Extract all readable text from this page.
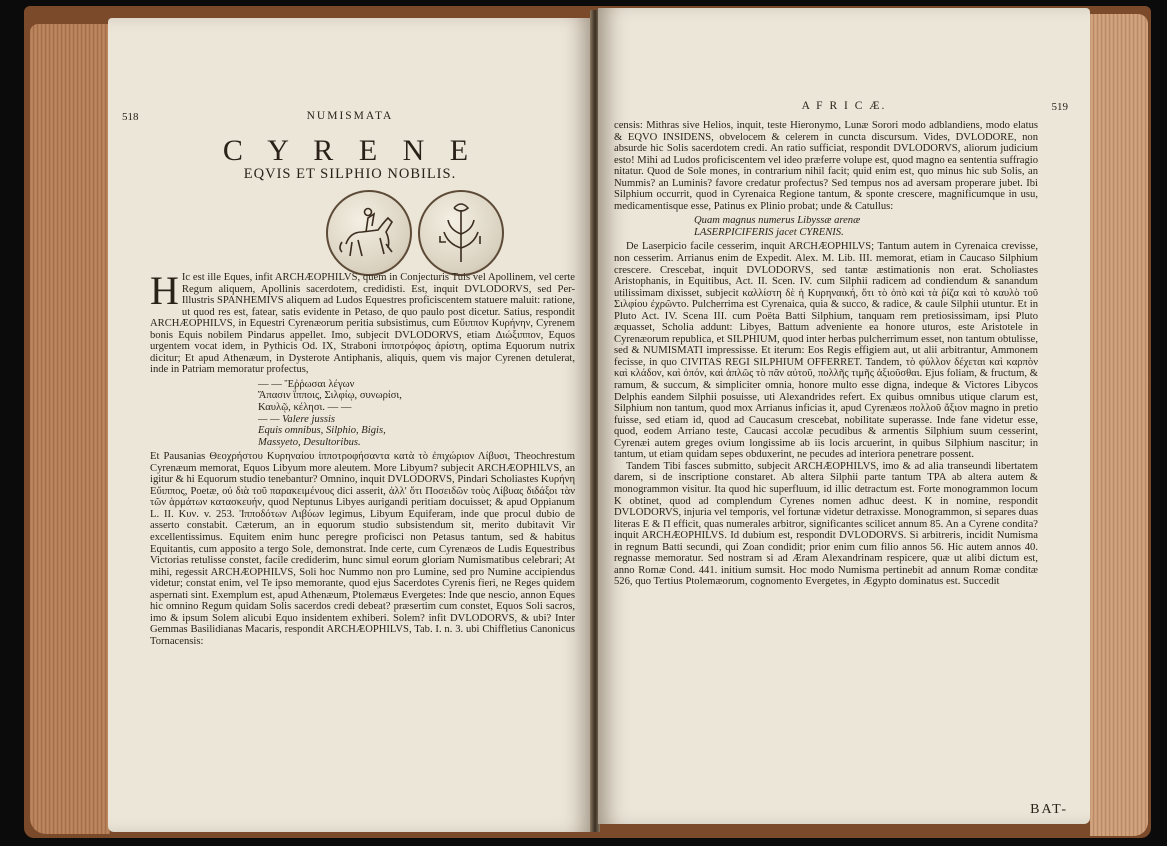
518	NUMISMATA
C Y R E N E
EQVIS ET SILPHIO NOBILIS.

H Ic est ille Eques, infit ARCHÆOPHILVS, quem in Conjecturis Tuis vel Apollinem, vel certe Regum aliquem, Apollinis sacerdotem, credidisti. Est, inquit DVLODORVS, sed Per-Illustris SPANHEMIVS aliquem ad Ludos Equestres proficiscentem statuere maluit: ratione, ut quod res est, fatear, satis evidente in Petaso, de quo paulo post dicetur. Satius, respondit ARCHÆOPHILVS, in Equestri Cyrenæorum peritia subsistimus, cum Εὔιππον Κυρήνην, Cyrenem bonis Equis nobilem Pindarus appellet. Imo, subjecit DVLODORVS, etiam Διώξιππον, Equos urgentem vocat idem, in Pythicis Od. IX, Straboni ἱπποτρόφος ἀρίστη, optima Equorum nutrix dicitur; Et apud Athenæum, in Dysterote Antiphanis, aliquis, quem vis major Cyrenen detulerat, inde in Patriam memoratur profectus,

— — Ἔῤῥωσαι λέγων

Ἅπασιν ἵπποις, Σιλφίῳ, συνωρίσι,

Καυλῷ, κέλησι. — —

— — Valere jussis

Equis omnibus, Silphio, Bigis,

Massyeto, Desultoribus.

Et Pausanias Θεοχρήστου Κυρηναίου ἱπποτροφήσαντα κατὰ τὸ ἐπιχώριον Λίβυσι, Theochrestum Cyrenæum memorat, Equos Libyum more aleutem. More Libyum? subjecit ARCHÆOPHILVS, an igitur & hi Equorum studio tenebantur? Omnino, inquit DVLODORVS, Pindari Scholiastes Κυρήνη Εὔιππος, Poetæ, οὐ διὰ τοῦ παρακειμένους dici asserit, ἀλλ' ὅτι Ποσειδῶν τοὺς Λίβυας διδάξοι τὰν τῶν ἁρμάτων κατασκευήν, quod Neptunus Libyes aurigandi peritiam docuisset; & apud Oppianum L. II. Κυν. v. 253. Ἱπποδότων Λιβύων legimus, Libyum Equiferam, inde que procul dubio de asserto constabit. Cæterum, an in equorum studio subsistendum sit, merito dubitavit Vir excellentissimus. Equitem enim hunc peregre proficisci non Petasus tantum, sed & habitus Equitantis, cum apposito a tergo Sole, demonstrat. Inde certe, cum Cyrenæos de Ludis Equestribus Victorias retulisse constet, facile crediderim, hunc simul eorum gloriam Numismatibus celebrari; At mihi, regessit ARCHÆOPHILVS, Soli hoc Nummo non pro Lumine, sed pro Numine accipiendus videtur; constat enim, vel Te ipso memorante, quod ejus Sacerdotes Cyrenis fieri, ne Reges quidem aspernati sint. Exemplum est, apud Athenæum, Ptolemæus Evergetes: Inde que nescio, annon Eques hic omnino Regum quidam Solis sacerdos credi debeat? præsertim cum constet, Equos Soli sacros, imo & ipsum Solem alicubi Equo insidentem exhiberi. Solem? infit DVLODORVS, & ubi? Inter Gemmas Basilidianas Macaris, respondit ARCHÆOPHILVS, Tab. I. n. 3. ubi Chiffletius Canonicus Tornacensis:

A F R I C Æ.	519

censis: Mithras sive Helios, inquit, teste Hieronymo, Lunæ Sorori modo adblandiens, modo elatus & EQVO INSIDENS, obvelocem & celerem in cuncta discursum. Vides, DVLODORE, non absurde hic Solis sacerdotem credi. An ratio sufficiat, respondit DVLODORVS, aliorum judicium esto! Mihi ad Ludos proficiscentem vel ideo præferre volupe est, quod magno ea sententia suffragio nitatur. Quod de Sole mones, in contrarium nihil facit; quid enim est, quo minus hic sub Solis, an Nummis? an Luminis? favore credatur profectus? Sed tempus nos ad aversam properare jubet. Ibi Silphium occurrit, quod in Cyrenaica Regione tantum, & sponte crescere, magnificumque in usu, medicamentisque esse, Patinus ex Plinio probat; unde & Catullus:

Quam magnus numerus Libyssæ arenæ

LASERPICIFERIS jacet CYRENIS.

De Laserpicio facile cesserim, inquit ARCHÆOPHILVS; Tantum autem in Cyrenaica crevisse, non cesserim. Arrianus enim de Expedit. Alex. M. Lib. III. memorat, etiam in Caucaso Silphium crescere. Crescebat, inquit DVLODORVS, sed tantæ æstimationis non erat. Scholiastes Aristophanis, in Equitibus, Act. II. Scen. IV. cum Silphii radicem ad condiendum & sanandum utilissimam dixisset, subjecit καλλίστη δὲ ἡ Κυρηναική, ὅτι τὸ ὀπὸ καὶ τὰ ῥίζα καὶ τὸ καυλὸ τοῦ Σιλφίου ἐχρῶντο. Pulcherrima est Cyrenaica, quia & succo, & radice, & caule Silphii utuntur. Et in Pluto Act. IV. Scena III. cum Poëta Batti Silphium, tanquam rem pretiosissimam, ipsi Pluto æquasset, Scholia addunt: Libyes, Battum adveniente ea honore uturos, este Aristotele in Cyrenæorum republica, et SILPHIUM, quod inter herbas pulcherrimum esset, non tantum obtulisse, sed & NUMISMATI impressisse. Et iterum: Eos Regis effigiem aut, ut alii arbitrantur, Ammonem fecisse, in quo CIVITAS REGI SILPHIUM OFFERRET. Tandem, τὸ φύλλον δέχεται καὶ καρπὸν καὶ κλάδον, καὶ ὀπόν, καὶ ἁπλῶς τὸ πᾶν αὐτοῦ, πολλῆς τιμῆς ἀξιοῦσθαι. Ejus foliam, & fructum, & ramum, & succum, & simpliciter omnia, honore multo esse digna, indeque & Victores Libycos Delphis eandem Silphii posuisse, uti Alexandrides refert. Ex quibus omnibus utique clarum est, Silphium non tantum, quod mox Arrianus inficias it, apud Cyrenæos πολλοῦ ἄξιον magno in pretio fuisse, sed etiam id, quod ad Caucasum crescebat, nobilitate superasse. Inde fane videtur esse, quod, eodem Arriano teste, Caucasi accolæ pecudibus & armentis Silphium suum cesserint, Cyrenæi autem greges ovium longissime ab iis locis arcuerint, in quibus Silphium nascitur; in tantum, ut etiam quidam sepes obduxerint, ne pecudes ad interiora penetrare possent.

Tandem Tibi fasces submitto, subjecit ARCHÆOPHILVS, imo & ad alia transeundi libertatem darem, si de inscriptione constaret. Ab altera Silphii parte tantum ΤΡΑ ab altera autem & monogrammon visitur. Ita quod hic superfluum, id illic detractum est. Forte monogrammon locum K obtinet, quod ad complendum Cyrenes nomen adhuc deest. K in nomine, respondit DVLODORVS, injuria vel temporis, vel fortunæ videtur detraxisse. Monogrammon, si separes duas literas E & Π efficit, quas numerales arbitror, significantes scilicet annum 85. An a Cyrene condita? inquit ARCHÆOPHILVS. Id dubium est, respondit DVLODORVS. Si arbitreris, incidit Numisma in regnum Batti secundi, qui Zoan condidit; prior enim cum filio annos 56. Hic autem annos 40. regnasse memoratur. Sed nostram si ad Æram Alexandrinam respicere, quæ ut alibi dictum est, anno Romæ Cond. 441. initium sumsit. Hoc modo Numisma pertinebit ad annum Romæ conditæ 526, quo Tertius Ptolemæorum, cognomento Evergetes, in Ægypto dominatus est. Succedit

BAT-
